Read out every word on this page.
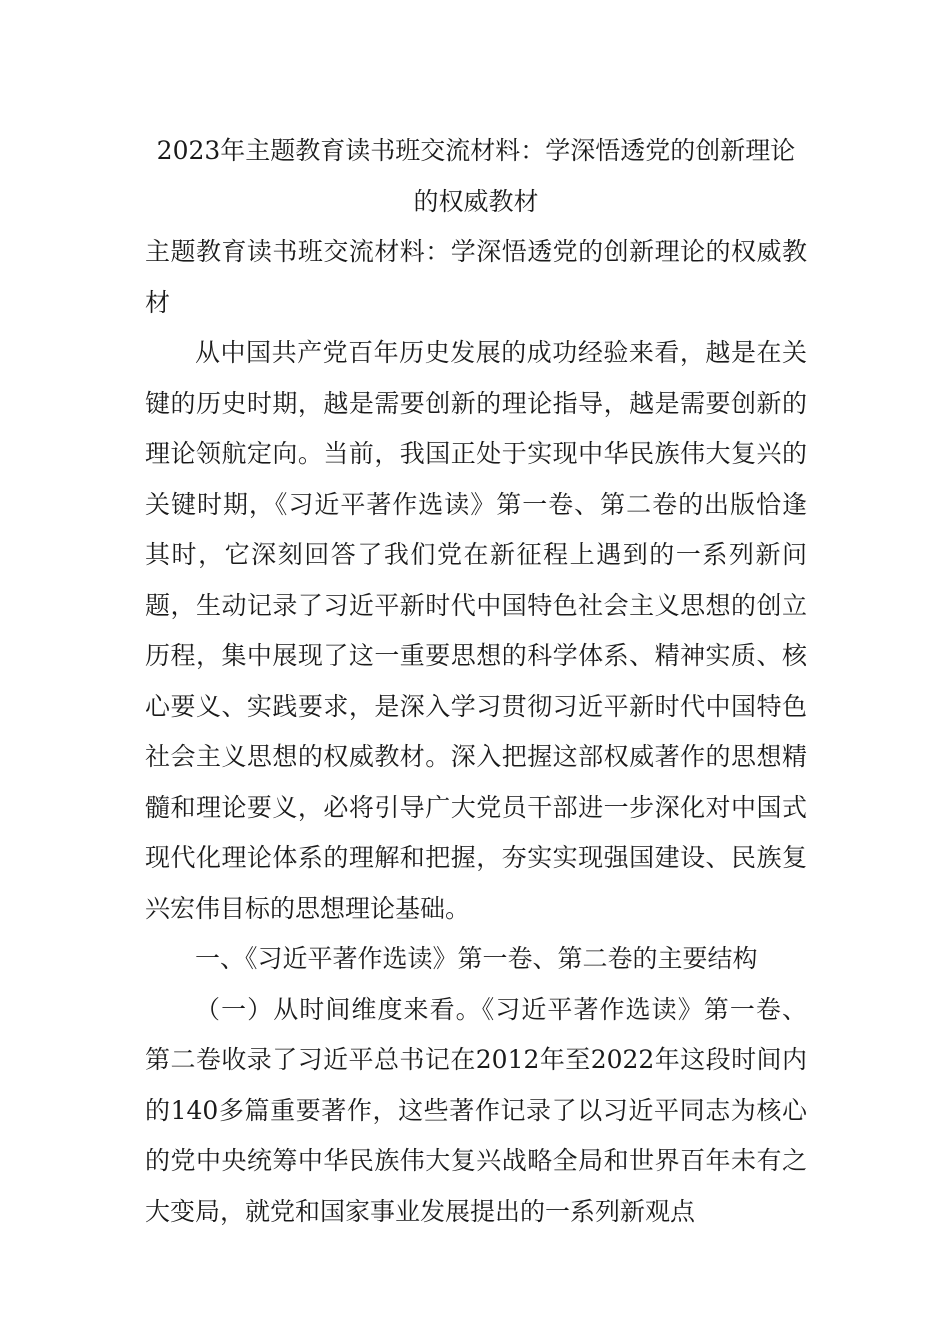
2023年主题教育读书班交流材料：学深悟透党的创新理论的权威教材

主题教育读书班交流材料：学深悟透党的创新理论的权威教材

从中国共产党百年历史发展的成功经验来看，越是在关键的历史时期，越是需要创新的理论指导，越是需要创新的理论领航定向。当前，我国正处于实现中华民族伟大复兴的关键时期，《习近平著作选读》第一卷、第二卷的出版恰逢其时，它深刻回答了我们党在新征程上遇到的一系列新问题，生动记录了习近平新时代中国特色社会主义思想的创立历程，集中展现了这一重要思想的科学体系、精神实质、核心要义、实践要求，是深入学习贯彻习近平新时代中国特色社会主义思想的权威教材。深入把握这部权威著作的思想精髓和理论要义，必将引导广大党员干部进一步深化对中国式现代化理论体系的理解和把握，夯实实现强国建设、民族复兴宏伟目标的思想理论基础。

一、《习近平著作选读》第一卷、第二卷的主要结构

（一）从时间维度来看。《习近平著作选读》第一卷、第二卷收录了习近平总书记在2012年至2022年这段时间内的140多篇重要著作，这些著作记录了以习近平同志为核心的党中央统筹中华民族伟大复兴战略全局和世界百年未有之大变局，就党和国家事业发展提出的一系列新观点
